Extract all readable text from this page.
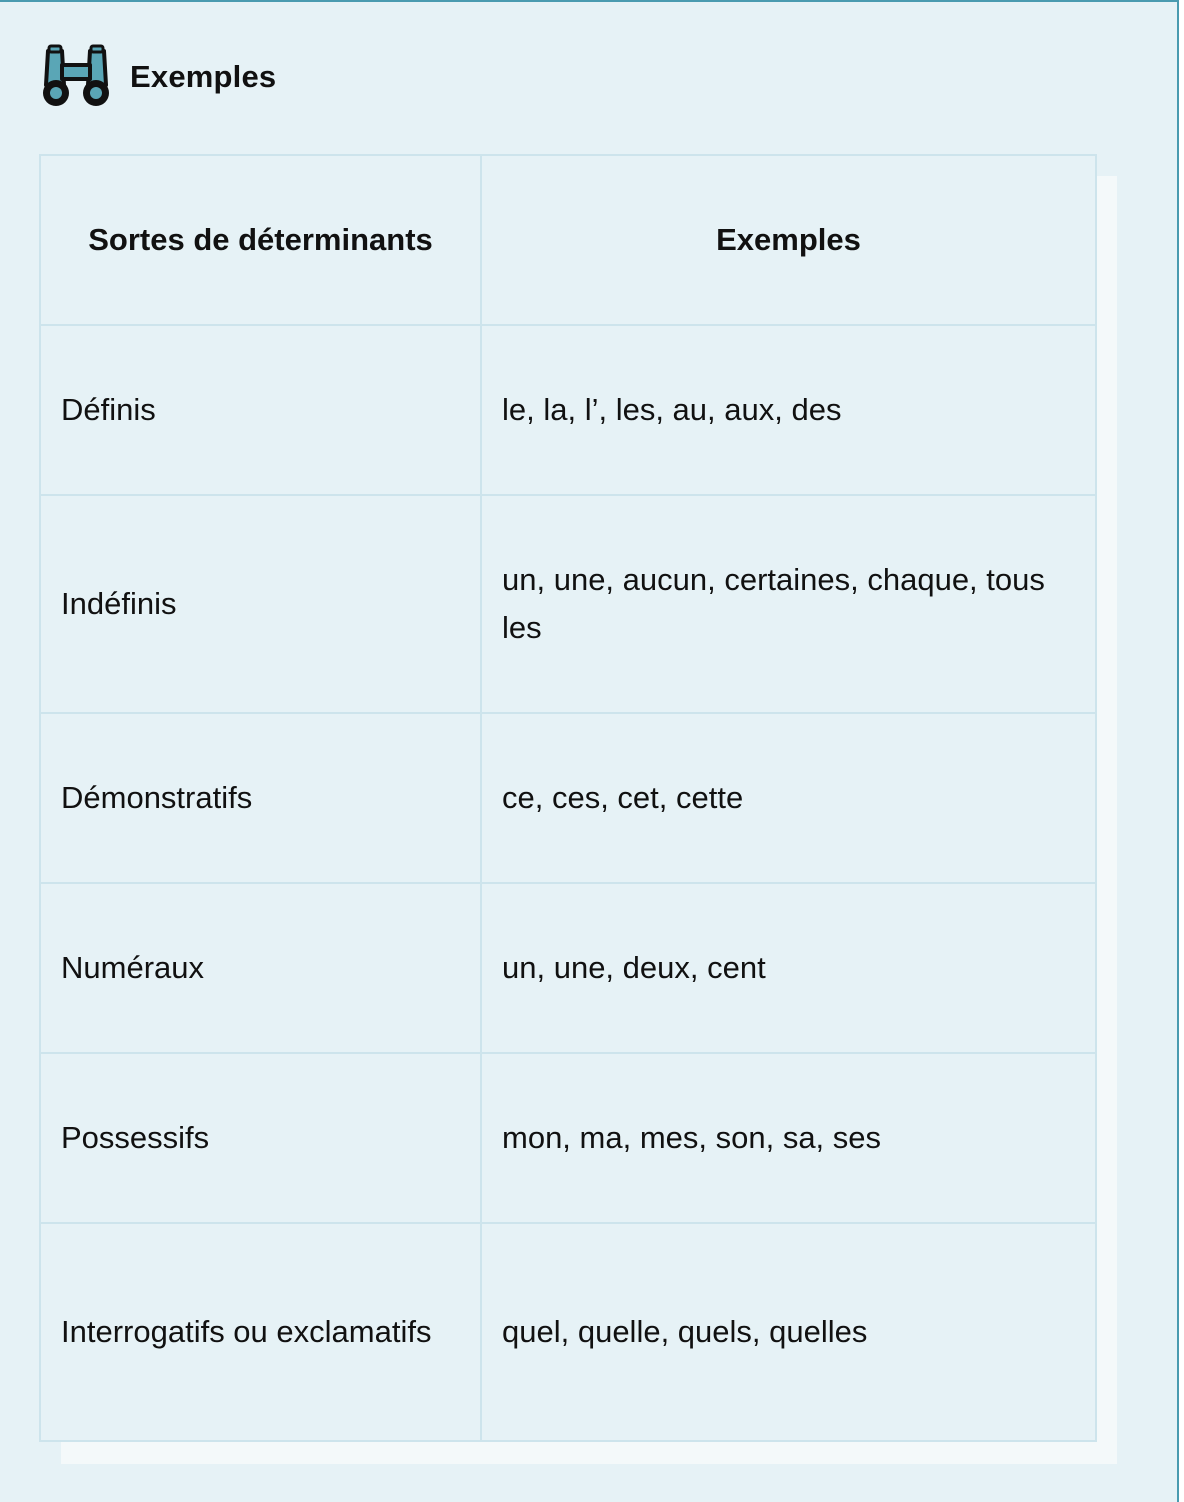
Exemples
Sortes de déterminants	Exemples
Définis	le, la, l’, les, au, aux, des
Indéfinis	un, une, aucun, certaines, chaque, tous les
Démonstratifs	ce, ces, cet, cette
Numéraux	un, une, deux, cent
Possessifs	mon, ma, mes, son, sa, ses
Interrogatifs ou exclamatifs	quel, quelle, quels, quelles
